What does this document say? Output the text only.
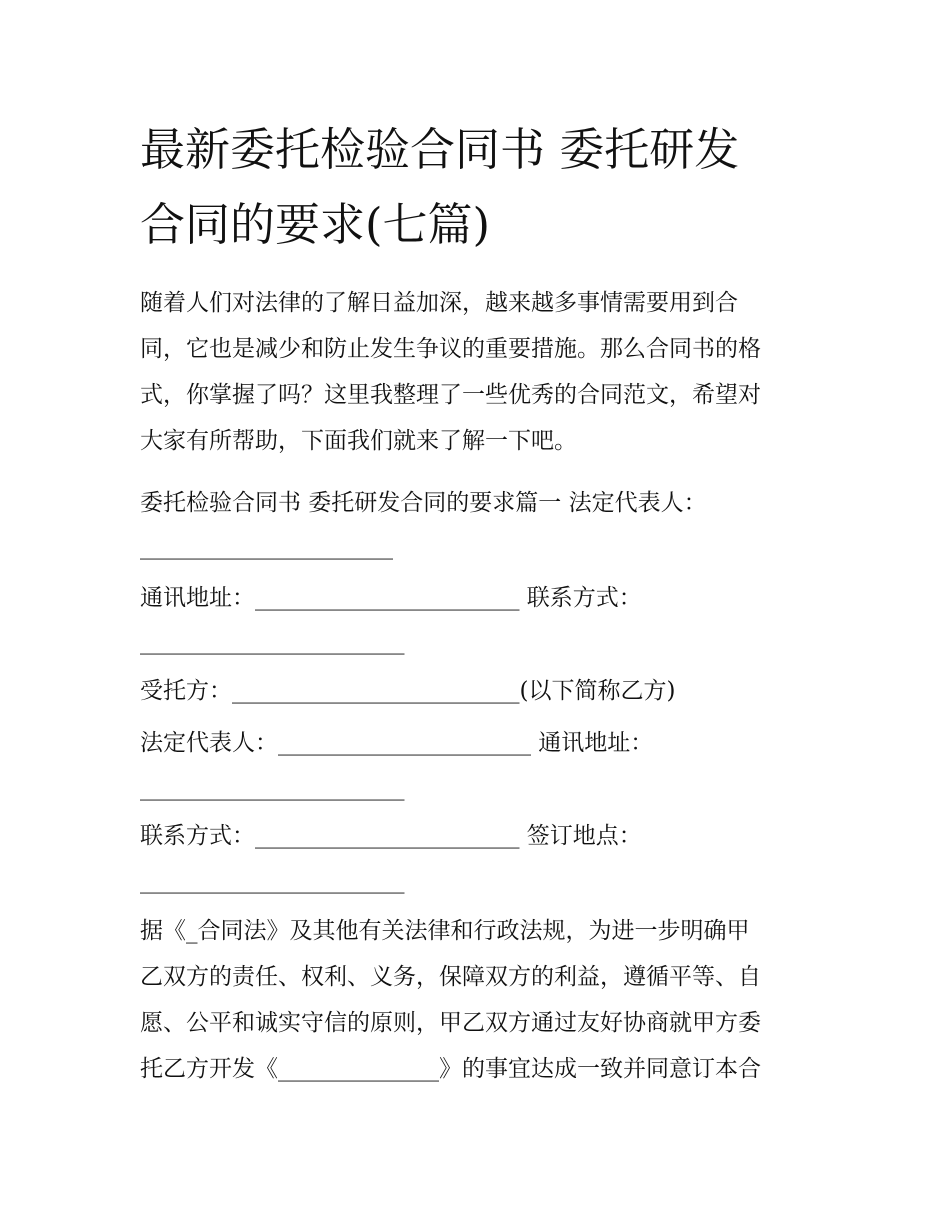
最新委托检验合同书 委托研发
合同的要求(七篇)
随着人们对法律的了解日益加深，越来越多事情需要用到合
同，它也是减少和防止发生争议的重要措施。那么合同书的格
式，你掌握了吗？这里我整理了一些优秀的合同范文，希望对
大家有所帮助，下面我们就来了解一下吧。
委托检验合同书 委托研发合同的要求篇一 法定代表人：
______________________
通讯地址：_______________________ 联系方式：
_______________________
受托方：_________________________(以下简称乙方)
法定代表人：______________________ 通讯地址：
_______________________
联系方式：_______________________ 签订地点：
_______________________
据《_合同法》及其他有关法律和行政法规，为进一步明确甲
乙双方的责任、权利、义务，保障双方的利益，遵循平等、自
愿、公平和诚实守信的原则，甲乙双方通过友好协商就甲方委
托乙方开发《______________》的事宜达成一致并同意订本合
